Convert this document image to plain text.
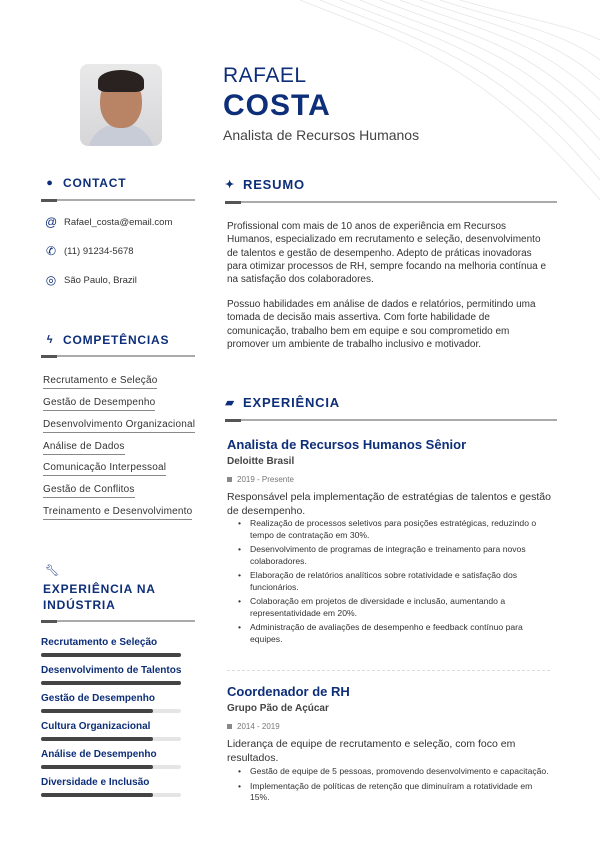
RAFAEL
COSTA
Analista de Recursos Humanos
● CONTACT
@ Rafael_costa@email.com
✆ (11) 91234-5678
◎ São Paulo, Brazil
ϟ COMPETÊNCIAS
Recrutamento e Seleção
Gestão de Desempenho
Desenvolvimento Organizacional
Análise de Dados
Comunicação Interpessoal
Gestão de Conflitos
Treinamento e Desenvolvimento
🔧︎
EXPERIÊNCIA NA
INDÚSTRIA
Recrutamento e Seleção
Desenvolvimento de Talentos
Gestão de Desempenho
Cultura Organizacional
Análise de Desempenho
Diversidade e Inclusão
✦ RESUMO

Profissional com mais de 10 anos de experiência em Recursos Humanos, especializado em recrutamento e seleção, desenvolvimento de talentos e gestão de desempenho. Adepto de práticas inovadoras para otimizar processos de RH, sempre focando na melhoria contínua e na satisfação dos colaboradores.

Possuo habilidades em análise de dados e relatórios, permitindo uma tomada de decisão mais assertiva. Com forte habilidade de comunicação, trabalho bem em equipe e sou comprometido em promover um ambiente de trabalho inclusivo e motivador.

▰ EXPERIÊNCIA
Analista de Recursos Humanos Sênior
Deloitte Brasil
2019 - Presente
Responsável pela implementação de estratégias de talentos e gestão de desempenho.
• Realização de processos seletivos para posições estratégicas, reduzindo o tempo de contratação em 30%.
• Desenvolvimento de programas de integração e treinamento para novos colaboradores.
• Elaboração de relatórios analíticos sobre rotatividade e satisfação dos funcionários.
• Colaboração em projetos de diversidade e inclusão, aumentando a representatividade em 20%.
• Administração de avaliações de desempenho e feedback contínuo para equipes.
Coordenador de RH
Grupo Pão de Açúcar
2014 - 2019
Liderança de equipe de recrutamento e seleção, com foco em resultados.
• Gestão de equipe de 5 pessoas, promovendo desenvolvimento e capacitação.
• Implementação de políticas de retenção que diminuíram a rotatividade em 15%.
